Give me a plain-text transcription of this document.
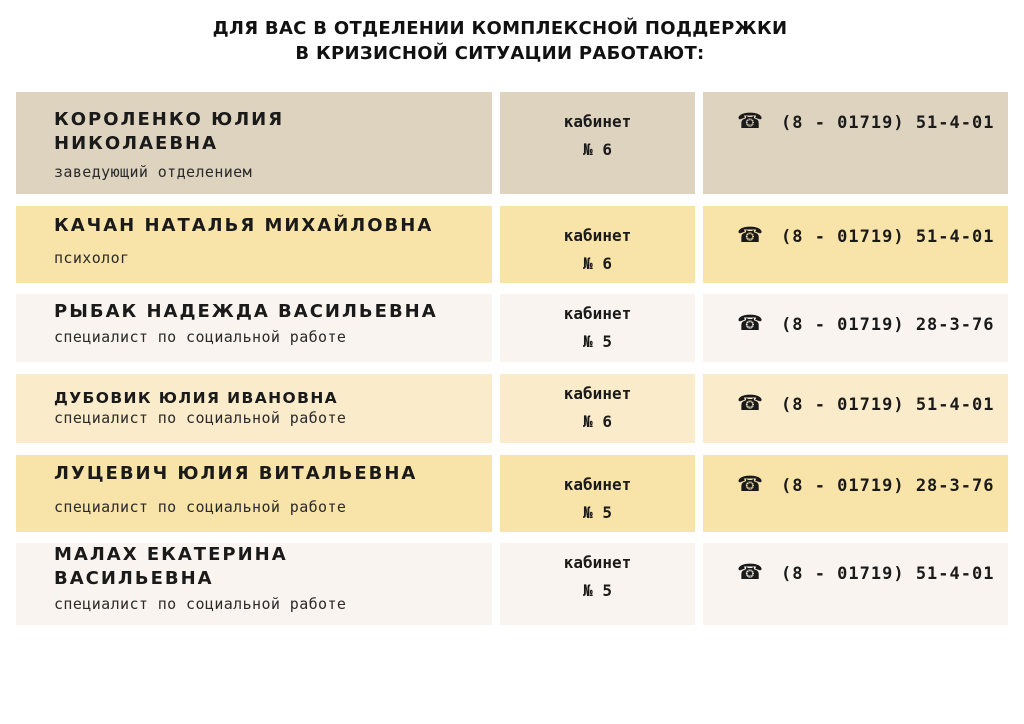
ДЛЯ ВАС В ОТДЕЛЕНИИ КОМПЛЕКСНОЙ ПОДДЕРЖКИ
В КРИЗИСНОЙ СИТУАЦИИ РАБОТАЮТ:
КОРОЛЕНКО ЮЛИЯ
НИКОЛАЕВНА
заведующий отделением
кабинет
№ 6
☎ (8 - 01719) 51-4-01
КАЧАН НАТАЛЬЯ МИХАЙЛОВНА
психолог
кабинет
№ 6
☎ (8 - 01719) 51-4-01
РЫБАК НАДЕЖДА ВАСИЛЬЕВНА
специалист по социальной работе
кабинет
№ 5
☎ (8 - 01719) 28-3-76
ДУБОВИК ЮЛИЯ ИВАНОВНА
специалист по социальной работе
кабинет
№ 6
☎ (8 - 01719) 51-4-01
ЛУЦЕВИЧ ЮЛИЯ ВИТАЛЬЕВНА
специалист по социальной работе
кабинет
№ 5
☎ (8 - 01719) 28-3-76
МАЛАХ ЕКАТЕРИНА
ВАСИЛЬЕВНА
специалист по социальной работе
кабинет
№ 5
☎ (8 - 01719) 51-4-01
